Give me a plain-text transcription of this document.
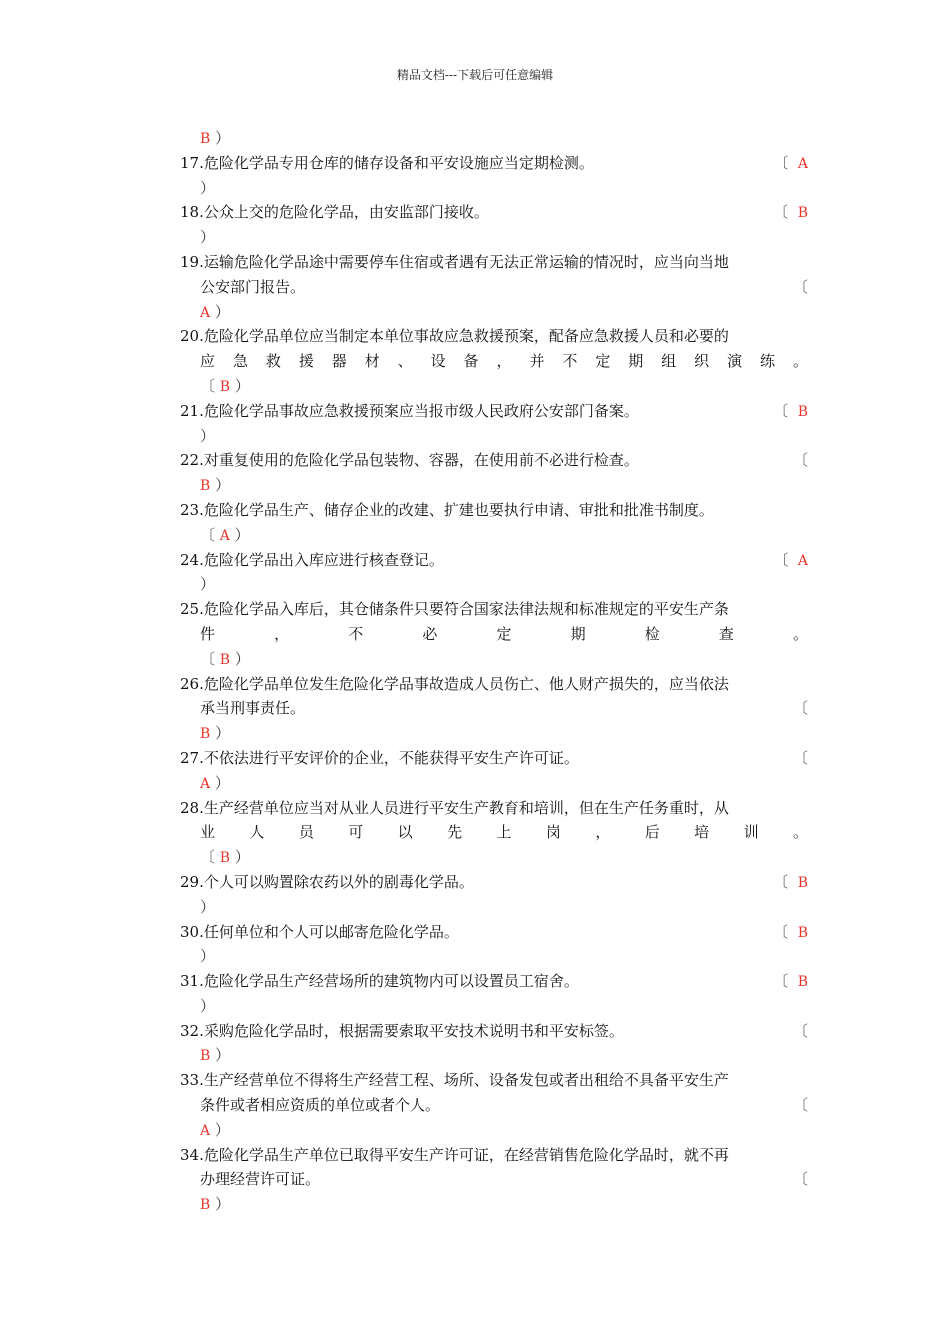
精品文档---下载后可任意编辑
B ）
17.危险化学品专用仓库的储存设备和平安设施应当定期检测。	〔  A
）
18.公众上交的危险化学品，由安监部门接收。	〔  B
）
19.运输危险化学品途中需要停车住宿或者遇有无法正常运输的情况时，应当向当地
公安部门报告。	〔
A ）
20.危险化学品单位应当制定本单位事故应急救援预案，配备应急救援人员和必要的
应 急 救 援 器 材 、 设 备 ， 并 不 定 期 组 织 演 练 。
〔 B ）
21.危险化学品事故应急救援预案应当报市级人民政府公安部门备案。	〔  B
）
22.对重复使用的危险化学品包装物、容器，在使用前不必进行检查。	〔
B ）
23.危险化学品生产、储存企业的改建、扩建也要执行申请、审批和批准书制度。
〔 A ）
24.危险化学品出入库应进行核查登记。	〔  A
）
25.危险化学品入库后，其仓储条件只要符合国家法律法规和标准规定的平安生产条
件 ， 不 必 定 期 检 查 。
〔 B ）
26.危险化学品单位发生危险化学品事故造成人员伤亡、他人财产损失的，应当依法
承当刑事责任。	〔
B ）
27.不依法进行平安评价的企业，不能获得平安生产许可证。	〔
A ）
28.生产经营单位应当对从业人员进行平安生产教育和培训，但在生产任务重时，从
业 人 员 可 以 先 上 岗 ， 后 培 训 。
〔 B ）
29.个人可以购置除农药以外的剧毒化学品。	〔  B
）
30.任何单位和个人可以邮寄危险化学品。	〔  B
）
31.危险化学品生产经营场所的建筑物内可以设置员工宿舍。	〔  B
）
32.采购危险化学品时，根据需要索取平安技术说明书和平安标签。	〔
B ）
33.生产经营单位不得将生产经营工程、场所、设备发包或者出租给不具备平安生产
条件或者相应资质的单位或者个人。	〔
A ）
34.危险化学品生产单位已取得平安生产许可证，在经营销售危险化学品时，就不再
办理经营许可证。	〔
B ）
